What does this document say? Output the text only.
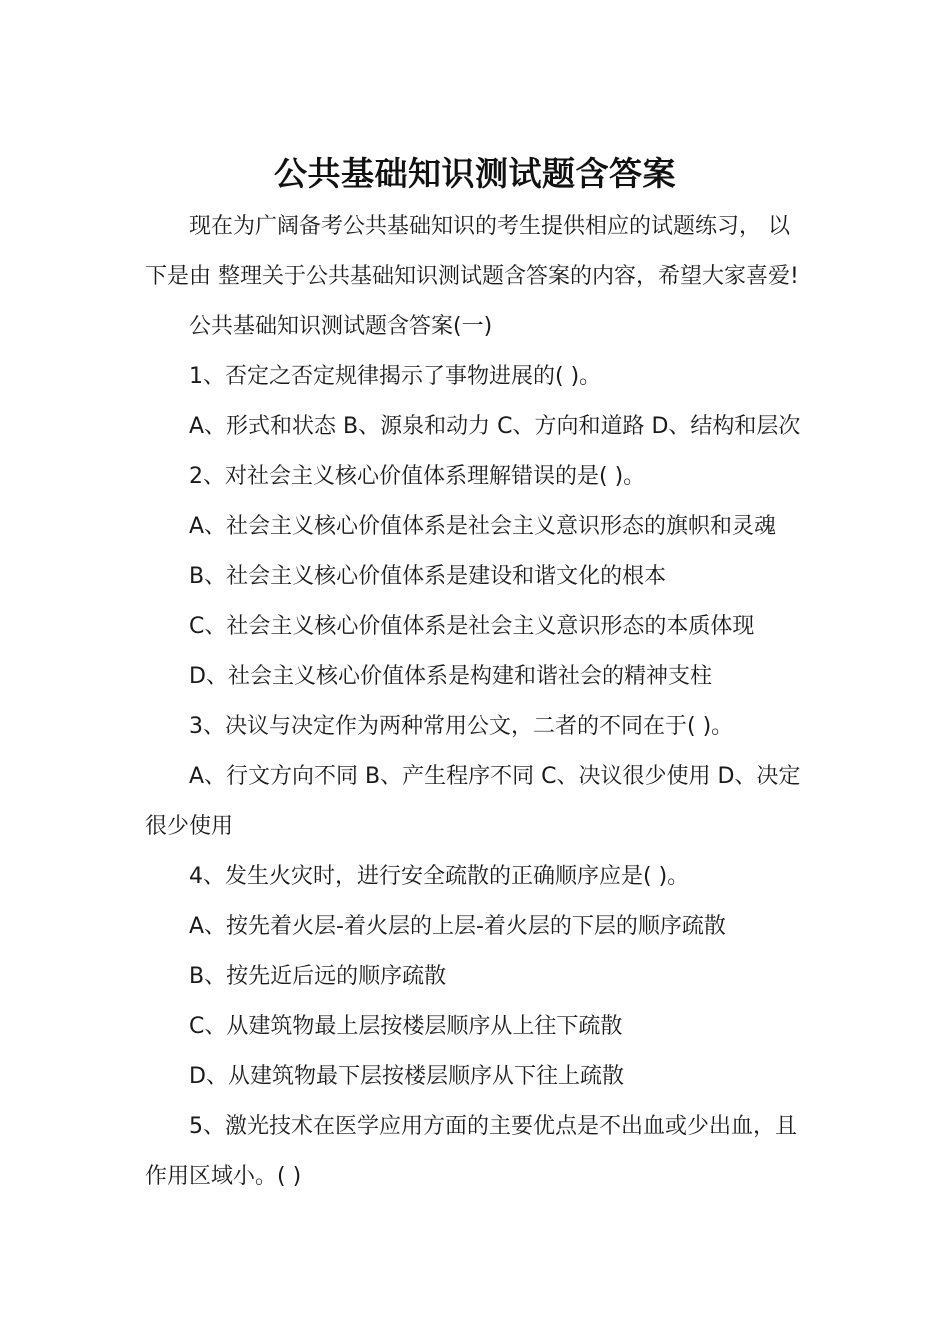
公共基础知识测试题含答案

现在为广阔备考公共基础知识的考生提供相应的试题练习， 以下是由 整理关于公共基础知识测试题含答案的内容，希望大家喜爱!

公共基础知识测试题含答案(一)

1、否定之否定规律揭示了事物进展的( )。

A、形式和状态 B、源泉和动力 C、方向和道路 D、结构和层次

2、对社会主义核心价值体系理解错误的是( )。

A、社会主义核心价值体系是社会主义意识形态的旗帜和灵魂

B、社会主义核心价值体系是建设和谐文化的根本

C、社会主义核心价值体系是社会主义意识形态的本质体现

D、社会主义核心价值体系是构建和谐社会的精神支柱

3、决议与决定作为两种常用公文，二者的不同在于( )。

A、行文方向不同 B、产生程序不同 C、决议很少使用 D、决定很少使用

4、发生火灾时，进行安全疏散的正确顺序应是( )。

A、按先着火层-着火层的上层-着火层的下层的顺序疏散

B、按先近后远的顺序疏散

C、从建筑物最上层按楼层顺序从上往下疏散

D、从建筑物最下层按楼层顺序从下往上疏散

5、激光技术在医学应用方面的主要优点是不出血或少出血，且作用区域小。( )
